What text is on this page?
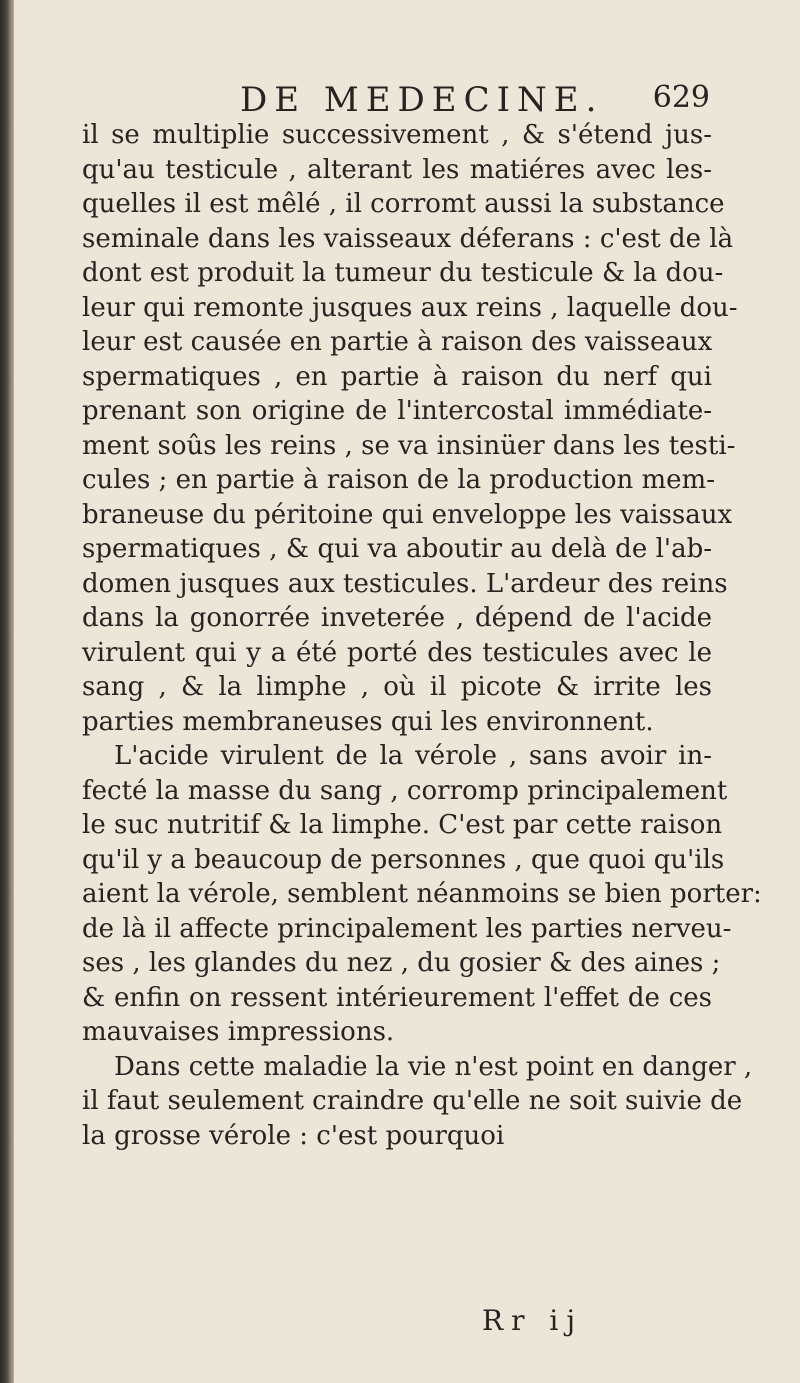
DE MEDECINE. 629
il se multiplie successivement , & s'étend jus-
qu'au testicule , alterant les matiéres avec les-
quelles il est mêlé , il corromt aussi la substance
seminale dans les vaisseaux déferans : c'est de là
dont est produit la tumeur du testicule & la dou-
leur qui remonte jusques aux reins , laquelle dou-
leur est causée en partie à raison des vaisseaux
spermatiques , en partie à raison du nerf qui
prenant son origine de l'intercostal immédiate-
ment soûs les reins , se va insinüer dans les testi-
cules ; en partie à raison de la production mem-
braneuse du péritoine qui enveloppe les vaissaux
spermatiques , & qui va aboutir au delà de l'ab-
domen jusques aux testicules. L'ardeur des reins
dans la gonorrée inveterée , dépend de l'acide
virulent qui y a été porté des testicules avec le
sang , & la limphe , où il picote & irrite les
parties membraneuses qui les environnent.
L'acide virulent de la vérole , sans avoir in-
fecté la masse du sang , corromp principalement
le suc nutritif & la limphe. C'est par cette raison
qu'il y a beaucoup de personnes , que quoi qu'ils
aient la vérole, semblent néanmoins se bien porter:
de là il affecte principalement les parties nerveu-
ses , les glandes du nez , du gosier & des aines ;
& enfin on ressent intérieurement l'effet de ces
mauvaises impressions.
Dans cette maladie la vie n'est point en danger ,
il faut seulement craindre qu'elle ne soit suivie de
la grosse vérole : c'est pourquoi
Rr ij
